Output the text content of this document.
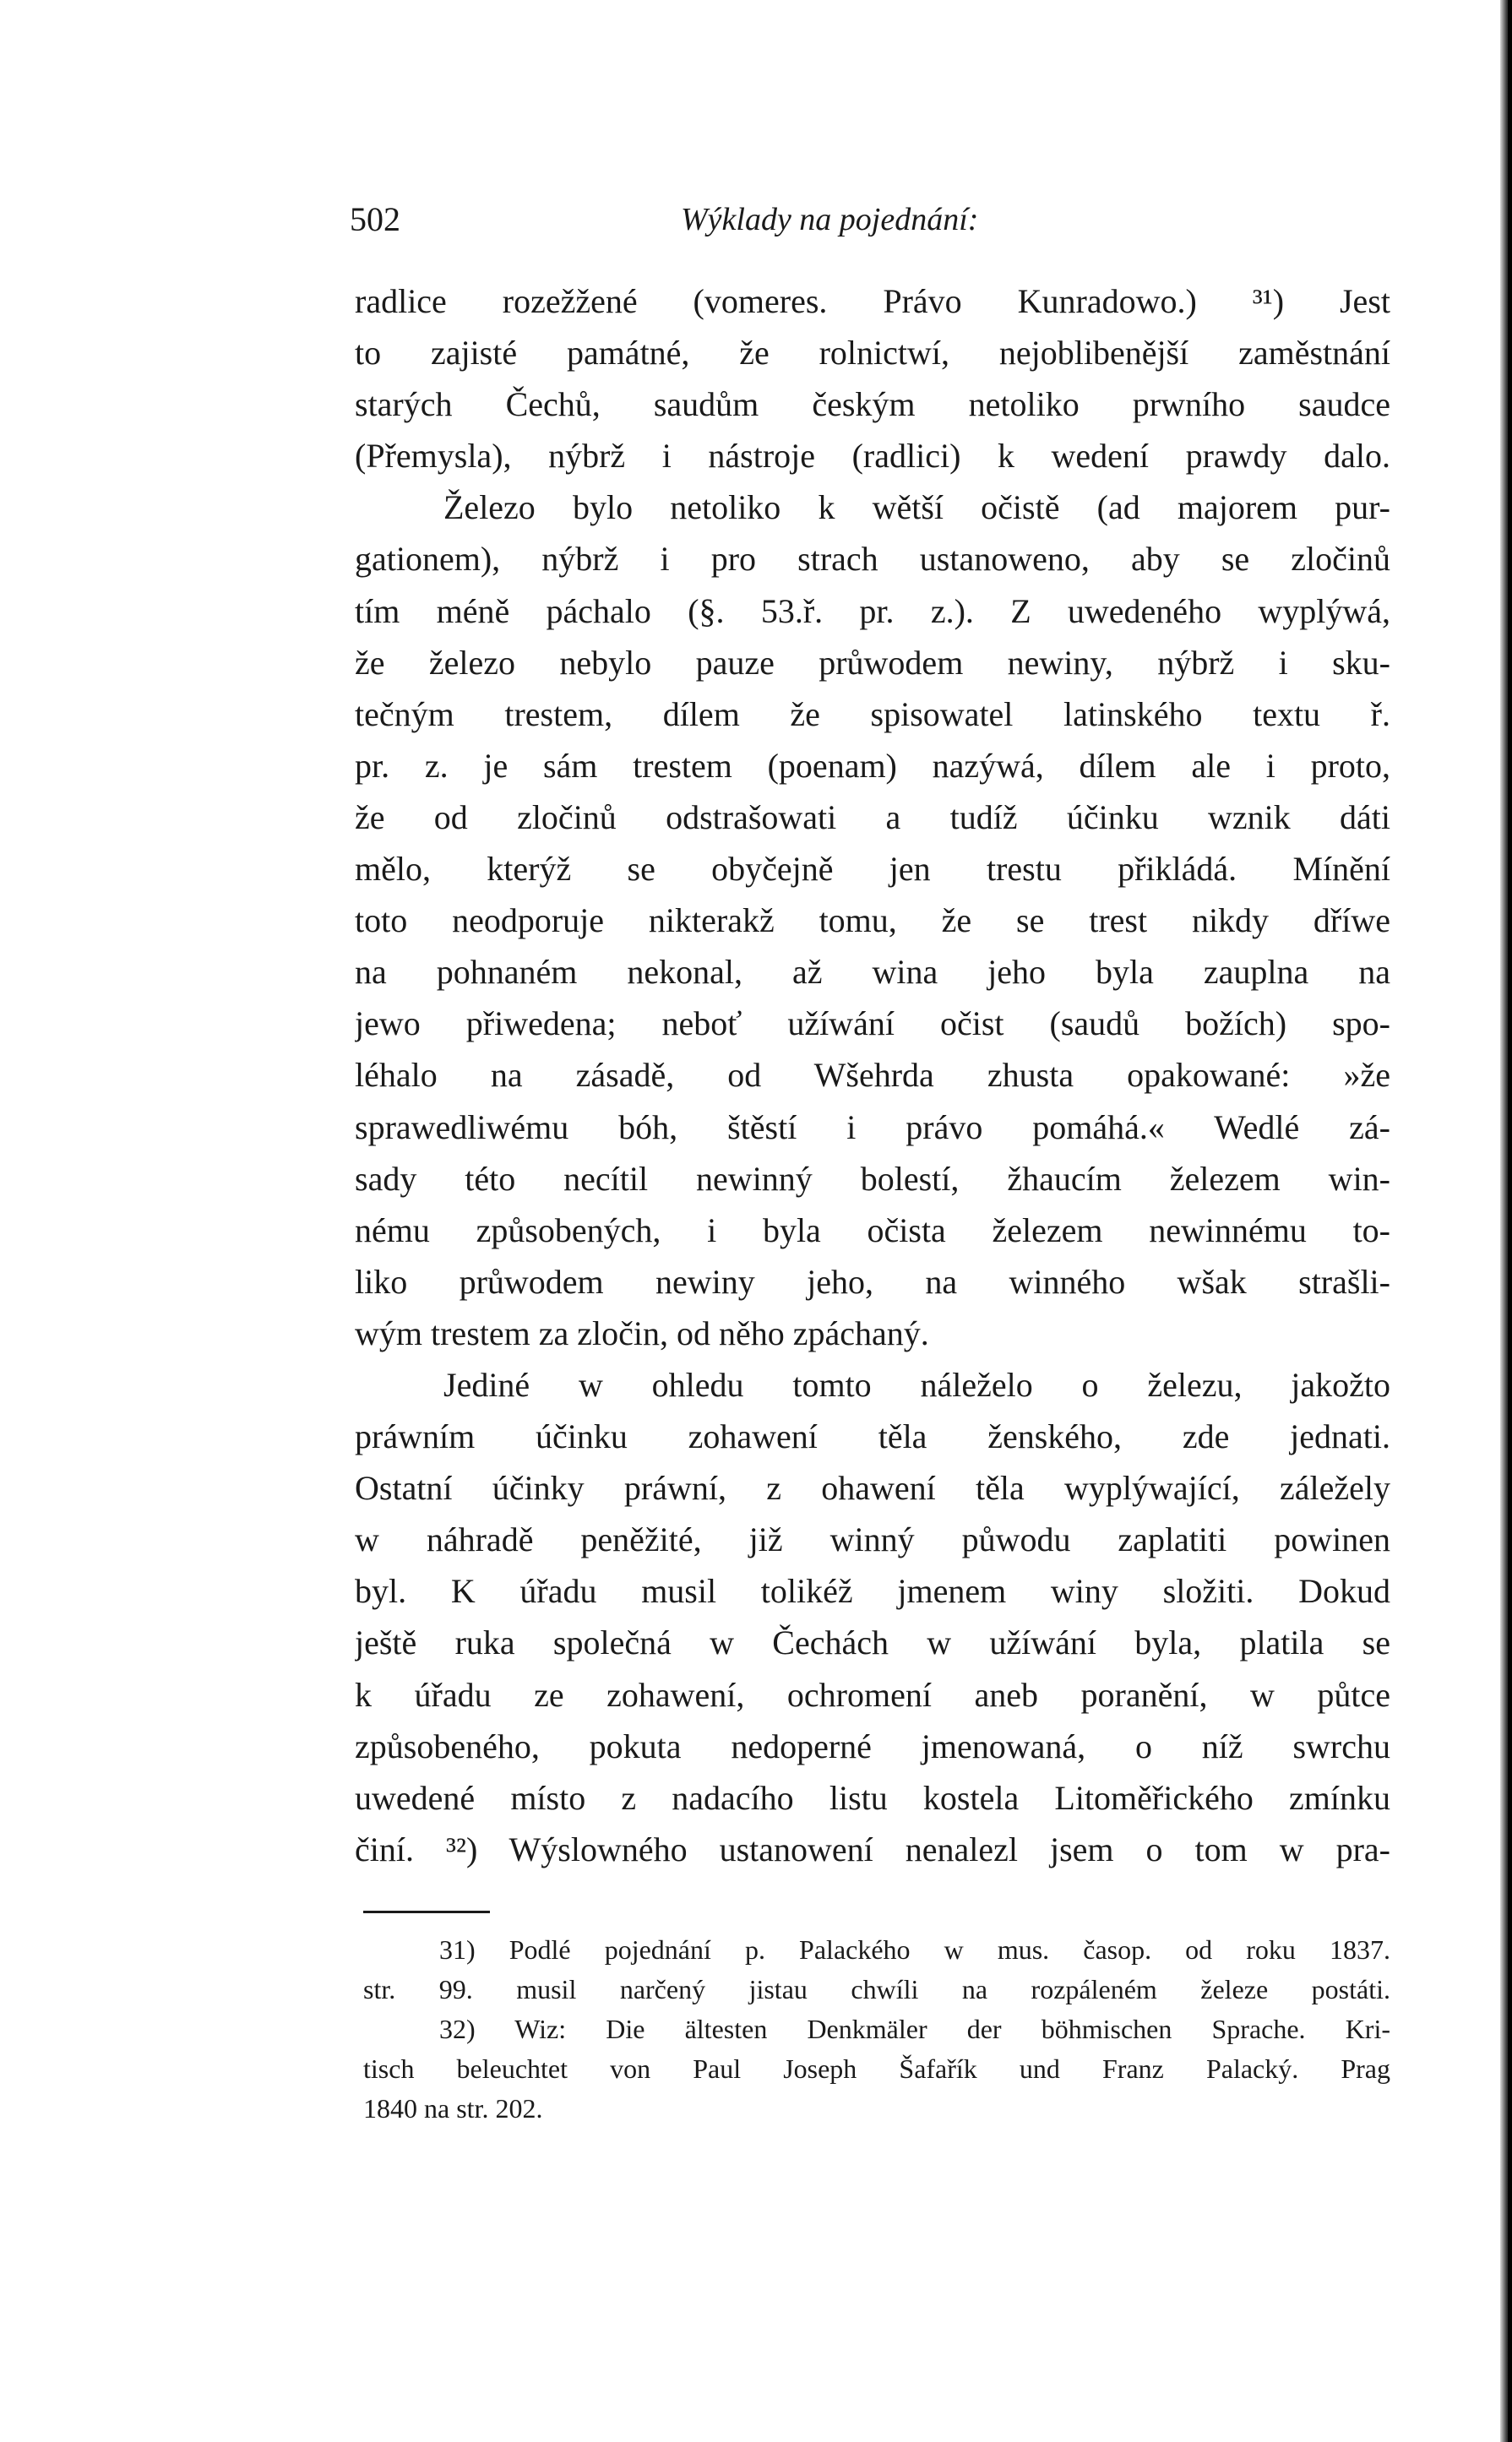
502	Wýklady na pojednání:
radlice rozežžené (vomeres. Právo Kunradowo.) ³¹) Jest
to zajisté památné, že rolnictwí, nejoblibenější zaměstnání
starých Čechů, saudům českým netoliko prwního saudce
(Přemysla), nýbrž i nástroje (radlici) k wedení prawdy dalo.
Železo bylo netoliko k wětší očistě (ad majorem pur-
gationem), nýbrž i pro strach ustanoweno, aby se zločinů
tím méně páchalo (§. 53.ř. pr. z.). Z uwedeného wyplýwá,
že železo nebylo pauze průwodem newiny, nýbrž i sku-
tečným trestem, dílem že spisowatel latinského textu ř.
pr. z. je sám trestem (poenam) nazýwá, dílem ale i proto,
že od zločinů odstrašowati a tudíž účinku wznik dáti
mělo, kterýž se obyčejně jen trestu přikládá. Mínění
toto neodporuje nikterakž tomu, že se trest nikdy dříwe
na pohnaném nekonal, až wina jeho byla zauplna na
jewo přiwedena; neboť užíwání očist (saudů božích) spo-
léhalo na zásadě, od Wšehrda zhusta opakowané: »že
sprawedliwému bóh, štěstí i právo pomáhá.« Wedlé zá-
sady této necítil newinný bolestí, žhaucím železem win-
nému způsobených, i byla očista železem newinnému to-
liko průwodem newiny jeho, na winného wšak strašli-
wým trestem za zločin, od něho zpáchaný.
Jediné w ohledu tomto náleželo o železu, jakožto
práwním účinku zohawení těla ženského, zde jednati.
Ostatní účinky práwní, z ohawení těla wyplýwající, záležely
w náhradě peněžité, již winný půwodu zaplatiti powinen
byl. K úřadu musil tolikéž jmenem winy složiti. Dokud
ještě ruka společná w Čechách w užíwání byla, platila se
k úřadu ze zohawení, ochromení aneb poranění, w půtce
způsobeného, pokuta nedoperné jmenowaná, o níž swrchu
uwedené místo z nadacího listu kostela Litoměřického zmínku
činí. ³²) Wýslowného ustanowení nenalezl jsem o tom w pra-
31) Podlé pojednání p. Palackého w mus. časop. od roku 1837.
str. 99. musil narčený jistau chwíli na rozpáleném železe postáti.
32) Wiz: Die ältesten Denkmäler der böhmischen Sprache. Kri-
tisch beleuchtet von Paul Joseph Šafařík und Franz Palacký. Prag
1840 na str. 202.
